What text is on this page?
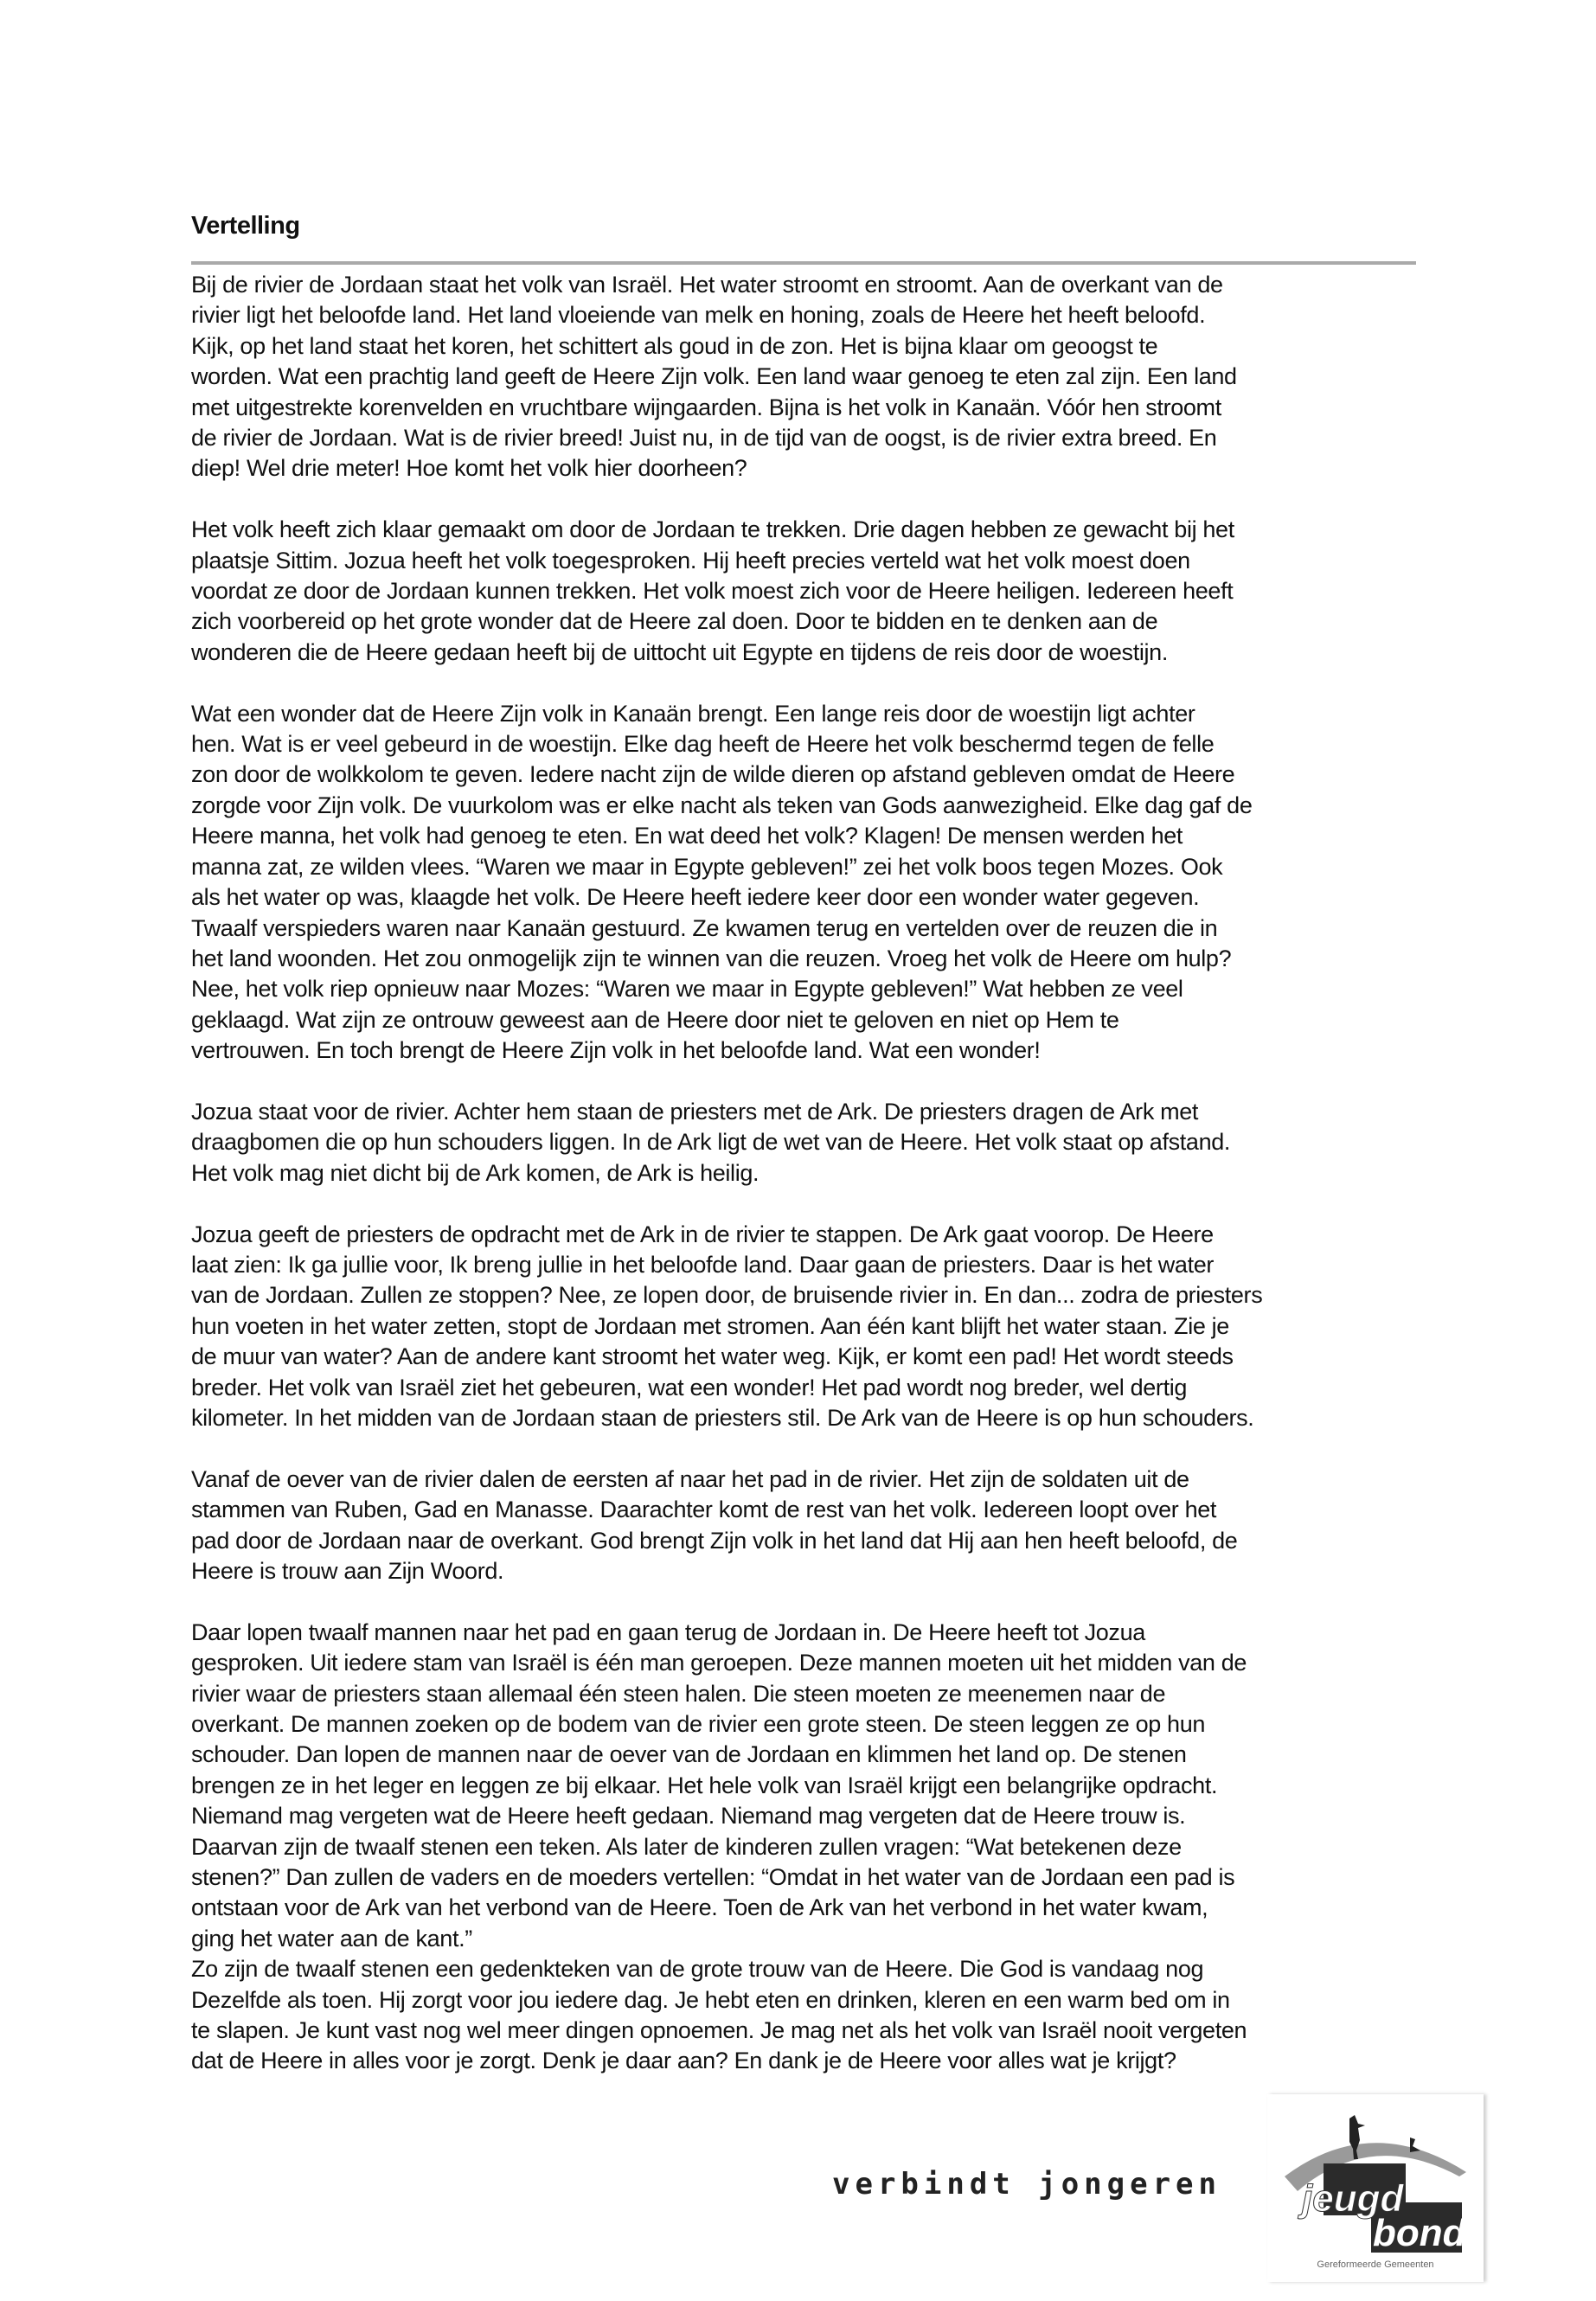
Vertelling
Bij de rivier de Jordaan staat het volk van Israël. Het water stroomt en stroomt. Aan de overkant van de
rivier ligt het beloofde land. Het land vloeiende van melk en honing, zoals de Heere het heeft beloofd.
Kijk, op het land staat het koren, het schittert als goud in de zon. Het is bijna klaar om geoogst te
worden. Wat een prachtig land geeft de Heere Zijn volk. Een land waar genoeg te eten zal zijn. Een land
met uitgestrekte korenvelden en vruchtbare wijngaarden. Bijna is het volk in Kanaän. Vóór hen stroomt
de rivier de Jordaan. Wat is de rivier breed! Juist nu, in de tijd van de oogst, is de rivier extra breed. En
diep! Wel drie meter! Hoe komt het volk hier doorheen?
Het volk heeft zich klaar gemaakt om door de Jordaan te trekken. Drie dagen hebben ze gewacht bij het
plaatsje Sittim. Jozua heeft het volk toegesproken. Hij heeft precies verteld wat het volk moest doen
voordat ze door de Jordaan kunnen trekken. Het volk moest zich voor de Heere heiligen. Iedereen heeft
zich voorbereid op het grote wonder dat de Heere zal doen. Door te bidden en te denken aan de
wonderen die de Heere gedaan heeft bij de uittocht uit Egypte en tijdens de reis door de woestijn.
Wat een wonder dat de Heere Zijn volk in Kanaän brengt. Een lange reis door de woestijn ligt achter
hen. Wat is er veel gebeurd in de woestijn. Elke dag heeft de Heere het volk beschermd tegen de felle
zon door de wolkkolom te geven. Iedere nacht zijn de wilde dieren op afstand gebleven omdat de Heere
zorgde voor Zijn volk. De vuurkolom was er elke nacht als teken van Gods aanwezigheid. Elke dag gaf de
Heere manna, het volk had genoeg te eten. En wat deed het volk? Klagen! De mensen werden het
manna zat, ze wilden vlees. “Waren we maar in Egypte gebleven!” zei het volk boos tegen Mozes. Ook
als het water op was, klaagde het volk. De Heere heeft iedere keer door een wonder water gegeven.
Twaalf verspieders waren naar Kanaän gestuurd. Ze kwamen terug en vertelden over de reuzen die in
het land woonden. Het zou onmogelijk zijn te winnen van die reuzen. Vroeg het volk de Heere om hulp?
Nee, het volk riep opnieuw naar Mozes: “Waren we maar in Egypte gebleven!” Wat hebben ze veel
geklaagd. Wat zijn ze ontrouw geweest aan de Heere door niet te geloven en niet op Hem te
vertrouwen. En toch brengt de Heere Zijn volk in het beloofde land. Wat een wonder!
Jozua staat voor de rivier. Achter hem staan de priesters met de Ark. De priesters dragen de Ark met
draagbomen die op hun schouders liggen. In de Ark ligt de wet van de Heere. Het volk staat op afstand.
Het volk mag niet dicht bij de Ark komen, de Ark is heilig.
Jozua geeft de priesters de opdracht met de Ark in de rivier te stappen. De Ark gaat voorop. De Heere
laat zien: Ik ga jullie voor, Ik breng jullie in het beloofde land. Daar gaan de priesters. Daar is het water
van de Jordaan. Zullen ze stoppen? Nee, ze lopen door, de bruisende rivier in. En dan... zodra de priesters
hun voeten in het water zetten, stopt de Jordaan met stromen. Aan één kant blijft het water staan. Zie je
de muur van water? Aan de andere kant stroomt het water weg. Kijk, er komt een pad! Het wordt steeds
breder. Het volk van Israël ziet het gebeuren, wat een wonder! Het pad wordt nog breder, wel dertig
kilometer. In het midden van de Jordaan staan de priesters stil. De Ark van de Heere is op hun schouders.
Vanaf de oever van de rivier dalen de eersten af naar het pad in de rivier. Het zijn de soldaten uit de
stammen van Ruben, Gad en Manasse. Daarachter komt de rest van het volk. Iedereen loopt over het
pad door de Jordaan naar de overkant. God brengt Zijn volk in het land dat Hij aan hen heeft beloofd, de
Heere is trouw aan Zijn Woord.
Daar lopen twaalf mannen naar het pad en gaan terug de Jordaan in. De Heere heeft tot Jozua
gesproken. Uit iedere stam van Israël is één man geroepen. Deze mannen moeten uit het midden van de
rivier waar de priesters staan allemaal één steen halen. Die steen moeten ze meenemen naar de
overkant. De mannen zoeken op de bodem van de rivier een grote steen. De steen leggen ze op hun
schouder. Dan lopen de mannen naar de oever van de Jordaan en klimmen het land op. De stenen
brengen ze in het leger en leggen ze bij elkaar. Het hele volk van Israël krijgt een belangrijke opdracht.
Niemand mag vergeten wat de Heere heeft gedaan. Niemand mag vergeten dat de Heere trouw is.
Daarvan zijn de twaalf stenen een teken. Als later de kinderen zullen vragen: “Wat betekenen deze
stenen?” Dan zullen de vaders en de moeders vertellen: “Omdat in het water van de Jordaan een pad is
ontstaan voor de Ark van het verbond van de Heere. Toen de Ark van het verbond in het water kwam,
ging het water aan de kant.”
Zo zijn de twaalf stenen een gedenkteken van de grote trouw van de Heere. Die God is vandaag nog
Dezelfde als toen. Hij zorgt voor jou iedere dag. Je hebt eten en drinken, kleren en een warm bed om in
te slapen. Je kunt vast nog wel meer dingen opnoemen. Je mag net als het volk van Israël nooit vergeten
dat de Heere in alles voor je zorgt. Denk je daar aan? En dank je de Heere voor alles wat je krijgt?
verbindt jongeren jeugd
bond
Gereformeerde Gemeenten
